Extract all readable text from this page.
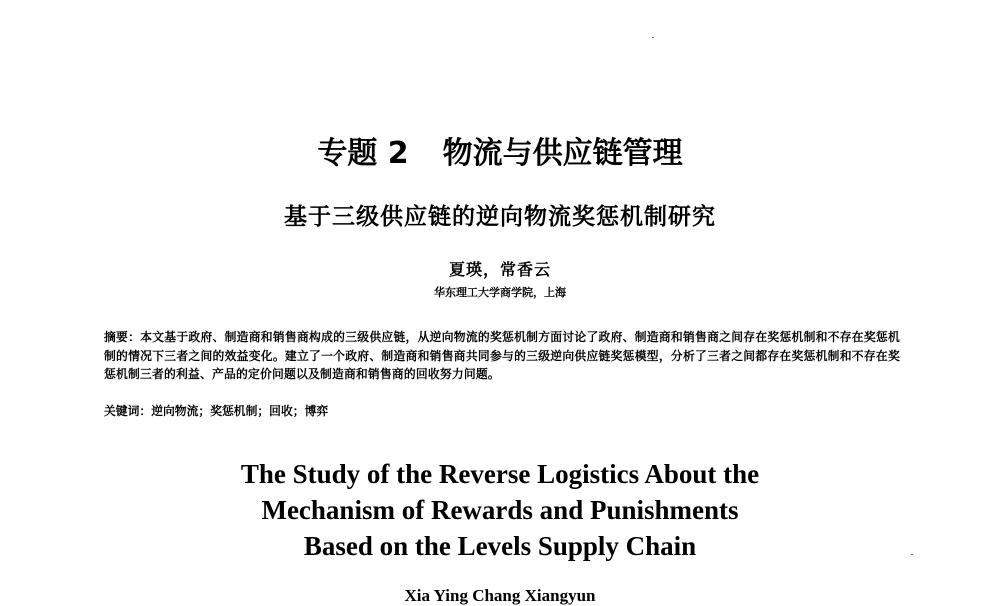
专题 2 物流与供应链管理
基于三级供应链的逆向物流奖惩机制研究
夏瑛，常香云
华东理工大学商学院，上海
摘要：本文基于政府、制造商和销售商构成的三级供应链，从逆向物流的奖惩机制方面讨论了政府、制造商和销售商之间存在奖惩机制和不存在奖惩机制的情况下三者之间的效益变化。建立了一个政府、制造商和销售商共同参与的三级逆向供应链奖惩模型，分析了三者之间都存在奖惩机制和不存在奖惩机制三者的利益、产品的定价问题以及制造商和销售商的回收努力问题。
关键词：逆向物流；奖惩机制；回收；博弈
The Study of the Reverse Logistics About the
Mechanism of Rewards and Punishments
Based on the Levels Supply Chain
Xia Ying Chang Xiangyun
